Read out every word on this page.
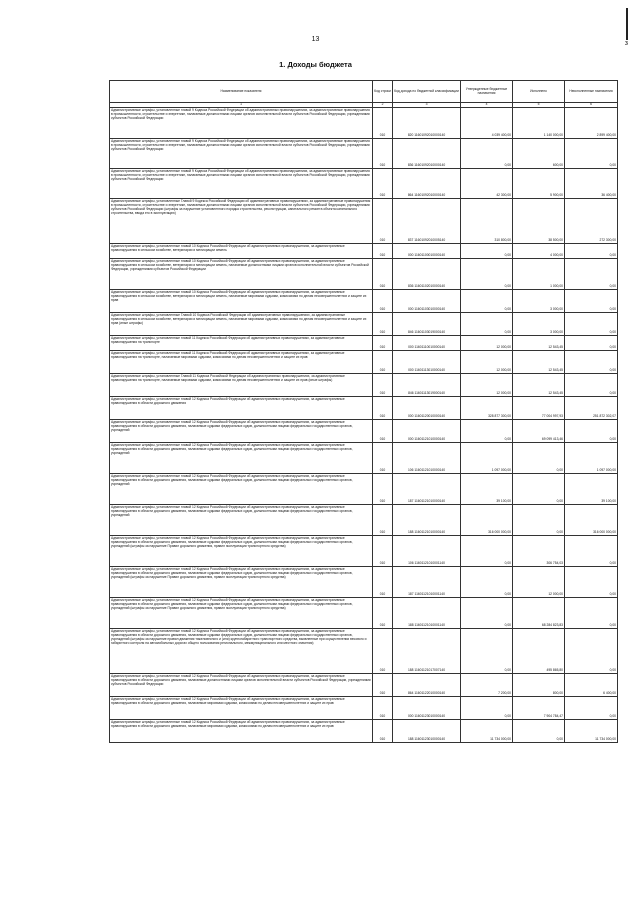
з
13
1. Доходы бюджета
Наименование показателя	Код строки	Код дохода по бюджетной классификации	Утвержденные бюджетные назначения	Исполнено	Неисполненные назначения
1	2	3	4	5	6
Административные штрафы, установленные главой 9 Кодекса Российской Федерации об административных правонарушениях, за административные правонарушения в промышленности, строительстве и энергетике, налагаемые должностными лицами органов исполнительной власти субъектов Российской Федерации, учреждениями субъектов Российской Федерации	010	820 11601092010000140	4 039 400,00	1 140 000,00	2 899 400,00
Административные штрафы, установленные главой 9 Кодекса Российской Федерации об административных правонарушениях, за административные правонарушения в промышленности, строительстве и энергетике, налагаемые должностными лицами органов исполнительной власти субъектов Российской Федерации, учреждениями субъектов Российской Федерации	010	836 11601092010000140	0,00	600,00	0,00
Административные штрафы, установленные главой 9 Кодекса Российской Федерации об административных правонарушениях, за административные правонарушения в промышленности, строительстве и энергетике, налагаемые должностными лицами органов исполнительной власти субъектов Российской Федерации, учреждениями субъектов Российской Федерации	010	864 11601092010000140	42 300,00	5 900,00	36 400,00
Административные штрафы, установленные Главой 9 Кодекса Российской Федерации об административных правонарушениях, за административные правонарушения в промышленности, строительстве и энергетике, налагаемые должностными лицами органов исполнительной власти субъектов Российской Федерации, учреждениями субъектов Российской Федерации (штрафы за нарушение установленного порядка строительства, реконструкции, капитального ремонта объекта капитального строительства, ввода его в эксплуатацию)	010	837 11601092010005140	310 800,00	38 500,00	272 300,00
Административные штрафы, установленные главой 10 Кодекса Российской Федерации об административных правонарушениях, за административные правонарушения в сельском хозяйстве, ветеринарии и мелиорации земель	010	000 11601100010000140	0,00	4 000,00	0,00
Административные штрафы, установленные главой 10 Кодекса Российской Федерации об административных правонарушениях, за административные правонарушения в сельском хозяйстве, ветеринарии и мелиорации земель, налагаемые должностными лицами органов исполнительной власти субъектов Российской Федерации, учреждениями субъектов Российской Федерации	010	836 11601102010000140	0,00	1 000,00	0,00
Административные штрафы, установленные главой 10 Кодекса Российской Федерации об административных правонарушениях, за административные правонарушения в сельском хозяйстве, ветеринарии и мелиорации земель, налагаемые мировыми судьями, комиссиями по делам несовершеннолетних и защите их прав	010	000 11601103010000140	0,00	3 000,00	0,00
Административные штрафы, установленные Главой 10 Кодекса Российской Федерации об административных правонарушениях, за административные правонарушения в сельском хозяйстве, ветеринарии и мелиорации земель, налагаемые мировыми судьями, комиссиями по делам несовершеннолетних и защите их прав (иные штрафы)	010	846 11601103019000140	0,00	3 000,00	0,00
Административные штрафы, установленные главой 11 Кодекса Российской Федерации об административных правонарушениях, за административные правонарушения на транспорте	010	000 11601110010000140	12 000,00	12 543,45	0,00
Административные штрафы, установленные главой 11 Кодекса Российской Федерации об административных правонарушениях, за административные правонарушения на транспорте, налагаемые мировыми судьями, комиссиями по делам несовершеннолетних и защите их прав	010	000 11601113010000140	12 000,00	12 543,45	0,00
Административные штрафы, установленные Главой 11 Кодекса Российской Федерации об административных правонарушениях, за административные правонарушения на транспорте, налагаемые мировыми судьями, комиссиями по делам несовершеннолетних и защите их прав (иные штрафы)	010	846 11601113019000140	12 000,00	12 543,45	0,00
Административные штрафы, установленные главой 12 Кодекса Российской Федерации об административных правонарушениях, за административные правонарушения в области дорожного движения	010	000 11601120010000140	328 877 300,00	77 004 997,93	251 872 302,07
Административные штрафы, установленные главой 12 Кодекса Российской Федерации об административных правонарушениях, за административные правонарушения в области дорожного движения, налагаемые судьями федеральных судов, должностными лицами федеральных государственных органов, учреждений	010	000 11601121010000140	0,00	69 099 413,46	0,00
Административные штрафы, установленные главой 12 Кодекса Российской Федерации об административных правонарушениях, за административные правонарушения в области дорожного движения, налагаемые судьями федеральных судов, должностными лицами федеральных государственных органов, учреждений	010	106 11601121010000140	1 097 000,00	0,00	1 097 000,00
Административные штрафы, установленные главой 12 Кодекса Российской Федерации об административных правонарушениях, за административные правонарушения в области дорожного движения, налагаемые судьями федеральных судов, должностными лицами федеральных государственных органов, учреждений	010	187 11601121010000140	39 100,00	0,00	39 100,00
Административные штрафы, установленные главой 12 Кодекса Российской Федерации об административных правонарушениях, за административные правонарушения в области дорожного движения, налагаемые судьями федеральных судов, должностными лицами федеральных государственных органов, учреждений	010	188 11601121010000140	316 000 000,00	0,00	316 000 000,00
Административные штрафы, установленные главой 12 Кодекса Российской Федерации об административных правонарушениях, за административные правонарушения в области дорожного движения, налагаемые судьями федеральных судов, должностными лицами федеральных государственных органов, учреждений (штрафы за нарушение Правил дорожного движения, правил эксплуатации транспортного средства)	010	106 11601121010001140	0,00	306 754,03	0,00
Административные штрафы, установленные главой 12 Кодекса Российской Федерации об административных правонарушениях, за административные правонарушения в области дорожного движения, налагаемые судьями федеральных судов, должностными лицами федеральных государственных органов, учреждений (штрафы за нарушение Правил дорожного движения, правил эксплуатации транспортного средства)	010	187 11601121010001140	0,00	12 000,00	0,00
Административные штрафы, установленные главой 12 Кодекса Российской Федерации об административных правонарушениях, за административные правонарушения в области дорожного движения, налагаемые судьями федеральных судов, должностными лицами федеральных государственных органов, учреждений (штрафы за нарушение Правил дорожного движения, правил эксплуатации транспортного средства)	010	188 11601121010001140	0,00	68 284 823,83	0,00
Административные штрафы, установленные главой 12 Кодекса Российской Федерации об административных правонарушениях, за административные правонарушения в области дорожного движения, налагаемые судьями федеральных судов, должностными лицами федеральных государственных органов, учреждений (штрафы за нарушение правил движения тяжеловесного и (или) крупногабаритного транспортного средства, выявленные при осуществлении весового и габаритного контроля на автомобильных дорогах общего пользования регионального, межмуниципального или местного значения)	010	188 11601121017007140	0,00	495 865,80	0,00
Административные штрафы, установленные главой 12 Кодекса Российской Федерации об административных правонарушениях, за административные правонарушения в области дорожного движения, налагаемые должностными лицами органов исполнительной власти субъектов Российской Федерации, учреждениями субъектов Российской Федерации	010	864 11601122010000140	7 200,00	800,00	6 400,00
Административные штрафы, установленные главой 12 Кодекса Российской Федерации об административных правонарушениях, за административные правонарушения в области дорожного движения, налагаемые мировыми судьями, комиссиями по делам несовершеннолетних и защите их прав	010	000 11601123010000140	0,00	7 904 784,47	0,00
Административные штрафы, установленные главой 12 Кодекса Российской Федерации об административных правонарушениях, за административные правонарушения в области дорожного движения, налагаемые мировыми судьями, комиссиями по делам несовершеннолетних и защите их прав	010	188 11601123010000140	11 734 000,00	0,00	11 734 000,00
